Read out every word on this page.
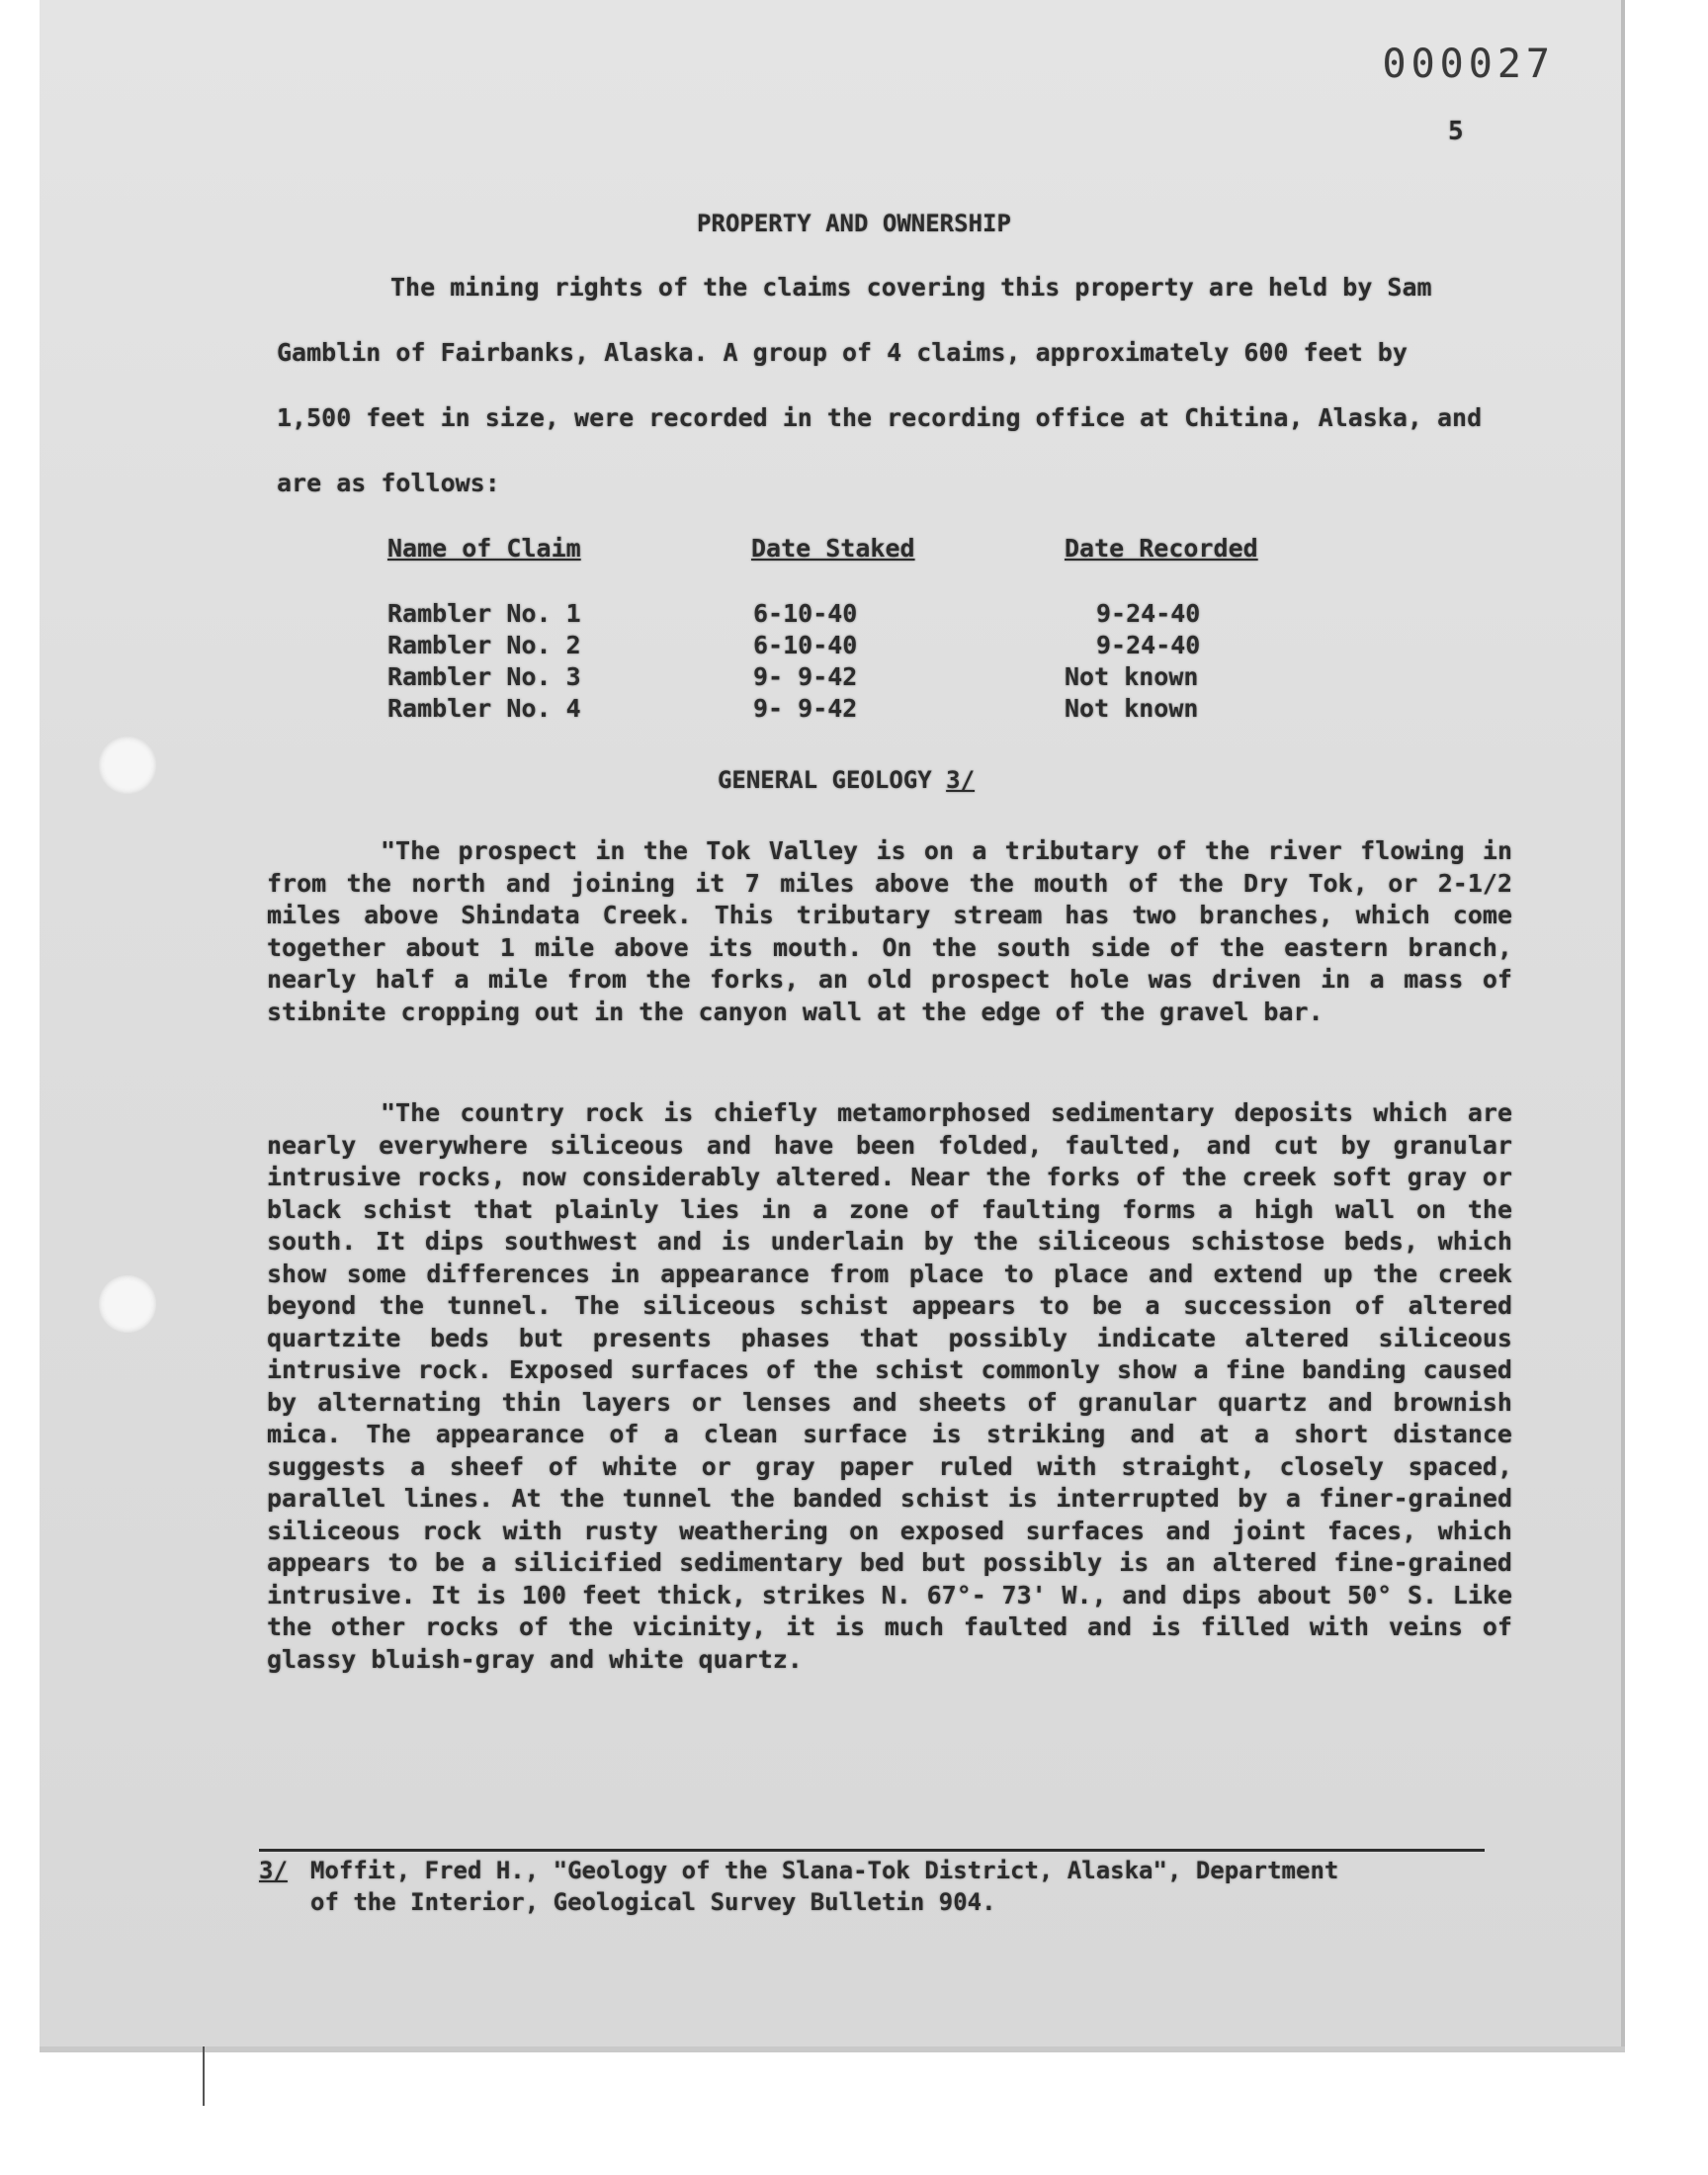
000027
5
PROPERTY AND OWNERSHIP
The mining rights of the claims covering this property are held by Sam Gamblin of Fairbanks, Alaska. A group of 4 claims, approximately 600 feet by 1,500 feet in size, were recorded in the recording office at Chitina, Alaska, and are as follows:
Name of Claim
Rambler No. 1
Rambler No. 2
Rambler No. 3
Rambler No. 4
Date Staked
6-10-40
6-10-40
9- 9-42
9- 9-42
Date Recorded
9-24-40
9-24-40
Not known
Not known
GENERAL GEOLOGY 3/

"The prospect in the Tok Valley is on a tributary of the river flowing in from the north and joining it 7 miles above the mouth of the Dry Tok, or 2-1/2 miles above Shindata Creek. This tributary stream has two branches, which come together about 1 mile above its mouth. On the south side of the eastern branch, nearly half a mile from the forks, an old prospect hole was driven in a mass of stibnite cropping out in the canyon wall at the edge of the gravel bar.

"The country rock is chiefly metamorphosed sedimentary deposits which are nearly everywhere siliceous and have been folded, faulted, and cut by granular intrusive rocks, now considerably altered. Near the forks of the creek soft gray or black schist that plainly lies in a zone of faulting forms a high wall on the south. It dips southwest and is underlain by the siliceous schistose beds, which show some differences in appearance from place to place and extend up the creek beyond the tunnel. The siliceous schist appears to be a succession of altered quartzite beds but presents phases that possibly indicate altered siliceous intrusive rock. Exposed surfaces of the schist commonly show a fine banding caused by alternating thin layers or lenses and sheets of granular quartz and brownish mica. The appearance of a clean surface is striking and at a short distance suggests a sheef of white or gray paper ruled with straight, closely spaced, parallel lines. At the tunnel the banded schist is interrupted by a finer-grained siliceous rock with rusty weathering on exposed surfaces and joint faces, which appears to be a silicified sedimentary bed but possibly is an altered fine-grained intrusive. It is 100 feet thick, strikes N. 67°- 73' W., and dips about 50° S. Like the other rocks of the vicinity, it is much faulted and is filled with veins of glassy bluish-gray and white quartz.

3/ Moffit, Fred H., "Geology of the Slana-Tok District, Alaska", Department
of the Interior, Geological Survey Bulletin 904.
